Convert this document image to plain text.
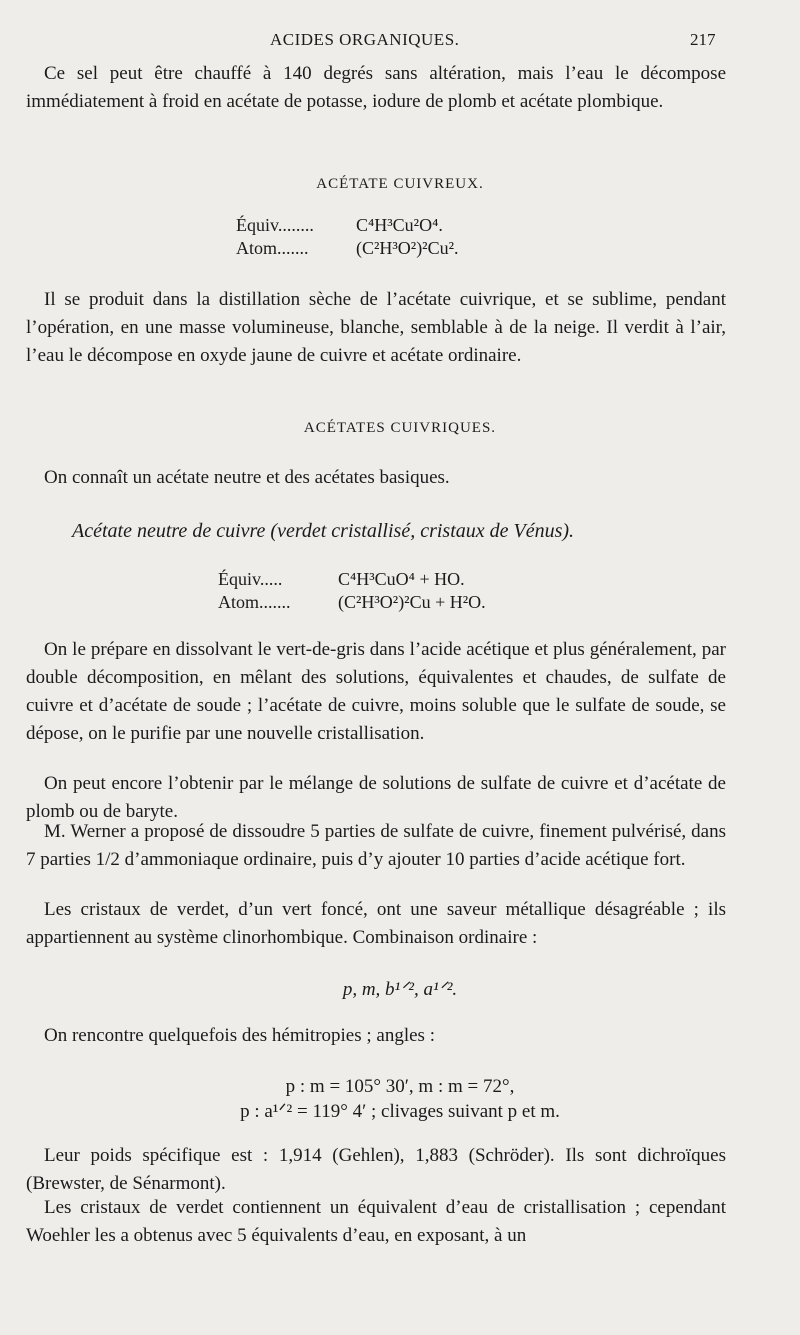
ACIDES ORGANIQUES.	217

Ce sel peut être chauffé à 140 degrés sans altération, mais l’eau le décompose immédiatement à froid en acétate de potasse, iodure de plomb et acétate plombique.

ACÉTATE CUIVREUX.

Équiv........ C⁴H³Cu²O⁴.
Atom.......	(C²H³O²)²Cu².

Il se produit dans la distillation sèche de l’acétate cuivrique, et se sublime, pendant l’opération, en une masse volumineuse, blanche, semblable à de la neige. Il verdit à l’air, l’eau le décompose en oxyde jaune de cuivre et acétate ordinaire.

ACÉTATES CUIVRIQUES.

On connaît un acétate neutre et des acétates basiques.

Acétate neutre de cuivre (verdet cristallisé, cristaux de Vénus).

Équiv.....	C⁴H³CuO⁴ + HO.
Atom.......	(C²H³O²)²Cu + H²O.

On le prépare en dissolvant le vert-de-gris dans l’acide acétique et plus généralement, par double décomposition, en mêlant des solutions, équivalentes et chaudes, de sulfate de cuivre et d’acétate de soude ; l’acétate de cuivre, moins soluble que le sulfate de soude, se dépose, on le purifie par une nouvelle cristallisation.

On peut encore l’obtenir par le mélange de solutions de sulfate de cuivre et d’acétate de plomb ou de baryte.

M. Werner a proposé de dissoudre 5 parties de sulfate de cuivre, finement pulvérisé, dans 7 parties 1/2 d’ammoniaque ordinaire, puis d’y ajouter 10 parties d’acide acétique fort.

Les cristaux de verdet, d’un vert foncé, ont une saveur métallique désagréable ; ils appartiennent au système clinorhombique. Combinaison ordinaire :

p, m, b¹ᐟ², a¹ᐟ².

On rencontre quelquefois des hémitropies ; angles :

p : m = 105° 30′, m : m = 72°,
p : a¹ᐟ² = 119° 4′ ; clivages suivant p et m.

Leur poids spécifique est : 1,914 (Gehlen), 1,883 (Schröder). Ils sont dichroïques (Brewster, de Sénarmont).

Les cristaux de verdet contiennent un équivalent d’eau de cristallisation ; cependant Woehler les a obtenus avec 5 équivalents d’eau, en exposant, à un
